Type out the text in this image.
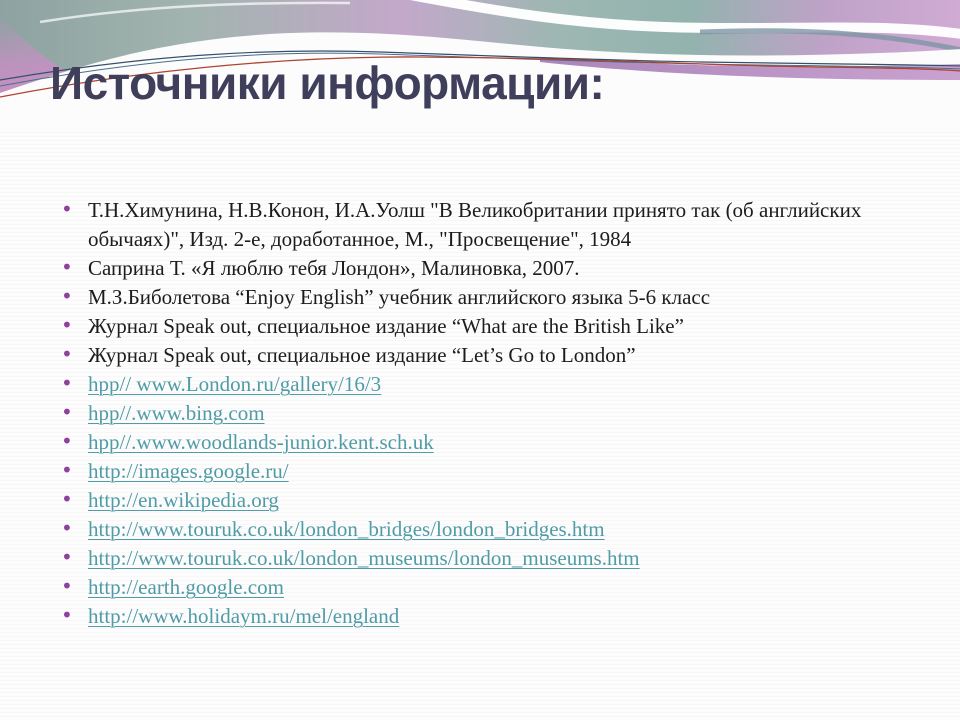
Источники информации:
• Т.Н.Химунина, Н.В.Конон, И.А.Уолш "В Великобритании принято так (об английских обычаях)", Изд. 2-е, доработанное, М., "Просвещение", 1984
• Саприна Т. «Я люблю тебя Лондон», Малиновка, 2007.
• М.З.Биболетова “Enjoy English” учебник английского языка 5-6 класс
• Журнал Speak out, специальное издание “What are the British Like”
• Журнал Speak out, специальное издание “Let’s Go to London”
• hpp// www.London.ru/gallery/16/3
• hpp//.www.bing.com
• hpp//.www.woodlands-junior.kent.sch.uk
• http://images.google.ru/
• http://en.wikipedia.org
• http://www.touruk.co.uk/london_bridges/london_bridges.htm
• http://www.touruk.co.uk/london_museums/london_museums.htm
• http://earth.google.com
• http://www.holidaym.ru/mel/england
